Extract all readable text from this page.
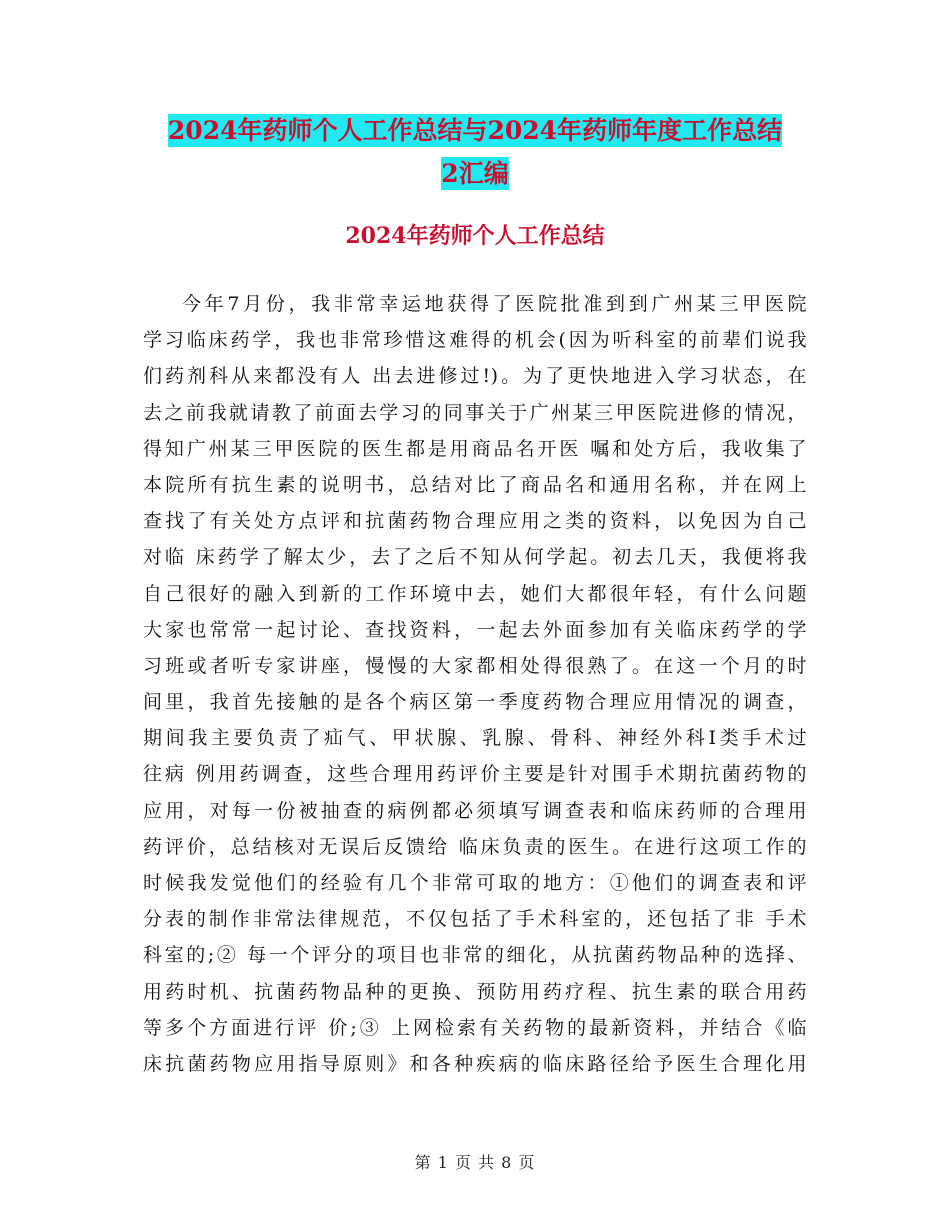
2024年药师个人工作总结与2024年药师年度工作总结
2汇编
2024年药师个人工作总结
今年7月份，我非常幸运地获得了医院批准到到广州某三甲医院
学习临床药学，我也非常珍惜这难得的机会(因为听科室的前辈们说我
们药剂科从来都没有人 出去进修过!)。为了更快地进入学习状态，在
去之前我就请教了前面去学习的同事关于广州某三甲医院进修的情况，
得知广州某三甲医院的医生都是用商品名开医 嘱和处方后，我收集了
本院所有抗生素的说明书，总结对比了商品名和通用名称，并在网上
查找了有关处方点评和抗菌药物合理应用之类的资料，以免因为自己
对临 床药学了解太少，去了之后不知从何学起。初去几天，我便将我
自己很好的融入到新的工作环境中去，她们大都很年轻，有什么问题
大家也常常一起讨论、查找资料，一起去外面参加有关临床药学的学
习班或者听专家讲座，慢慢的大家都相处得很熟了。在这一个月的时
间里，我首先接触的是各个病区第一季度药物合理应用情况的调查，
期间我主要负责了疝气、甲状腺、乳腺、骨科、神经外科Ⅰ类手术过
往病 例用药调查，这些合理用药评价主要是针对围手术期抗菌药物的
应用，对每一份被抽查的病例都必须填写调查表和临床药师的合理用
药评价，总结核对无误后反馈给 临床负责的医生。在进行这项工作的
时候我发觉他们的经验有几个非常可取的地方：①他们的调查表和评
分表的制作非常法律规范，不仅包括了手术科室的，还包括了非 手术
科室的;② 每一个评分的项目也非常的细化，从抗菌药物品种的选择、
用药时机、抗菌药物品种的更换、预防用药疗程、抗生素的联合用药
等多个方面进行评 价;③ 上网检索有关药物的最新资料，并结合《临
床抗菌药物应用指导原则》和各种疾病的临床路径给予医生合理化用
第 1 页 共 8 页
